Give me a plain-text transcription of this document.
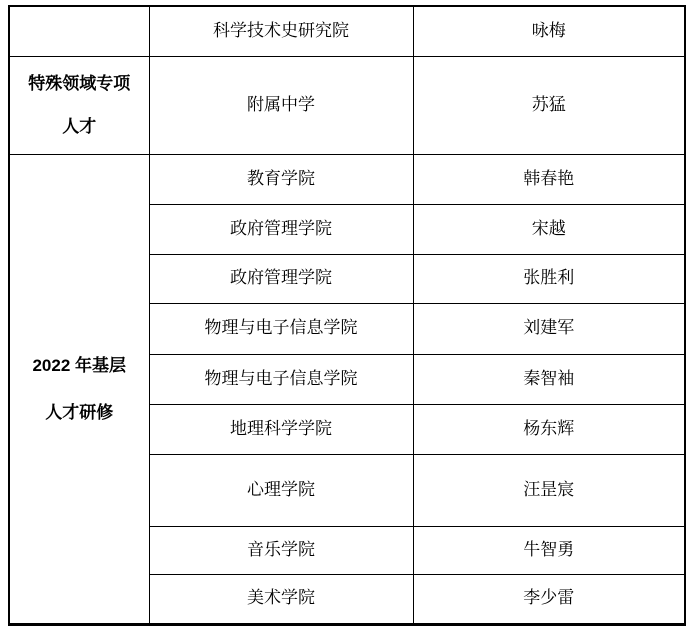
	科学技术史研究院	咏梅

特殊领域专项
人才	附属中学	苏猛

2022 年基层
人才研修	教育学院	韩春艳
	政府管理学院	宋越
	政府管理学院	张胜利
	物理与电子信息学院	刘建军
	物理与电子信息学院	秦智袖
	地理科学学院	杨东辉
	心理学院	汪昰宸
	音乐学院	牛智勇
	美术学院	李少雷
